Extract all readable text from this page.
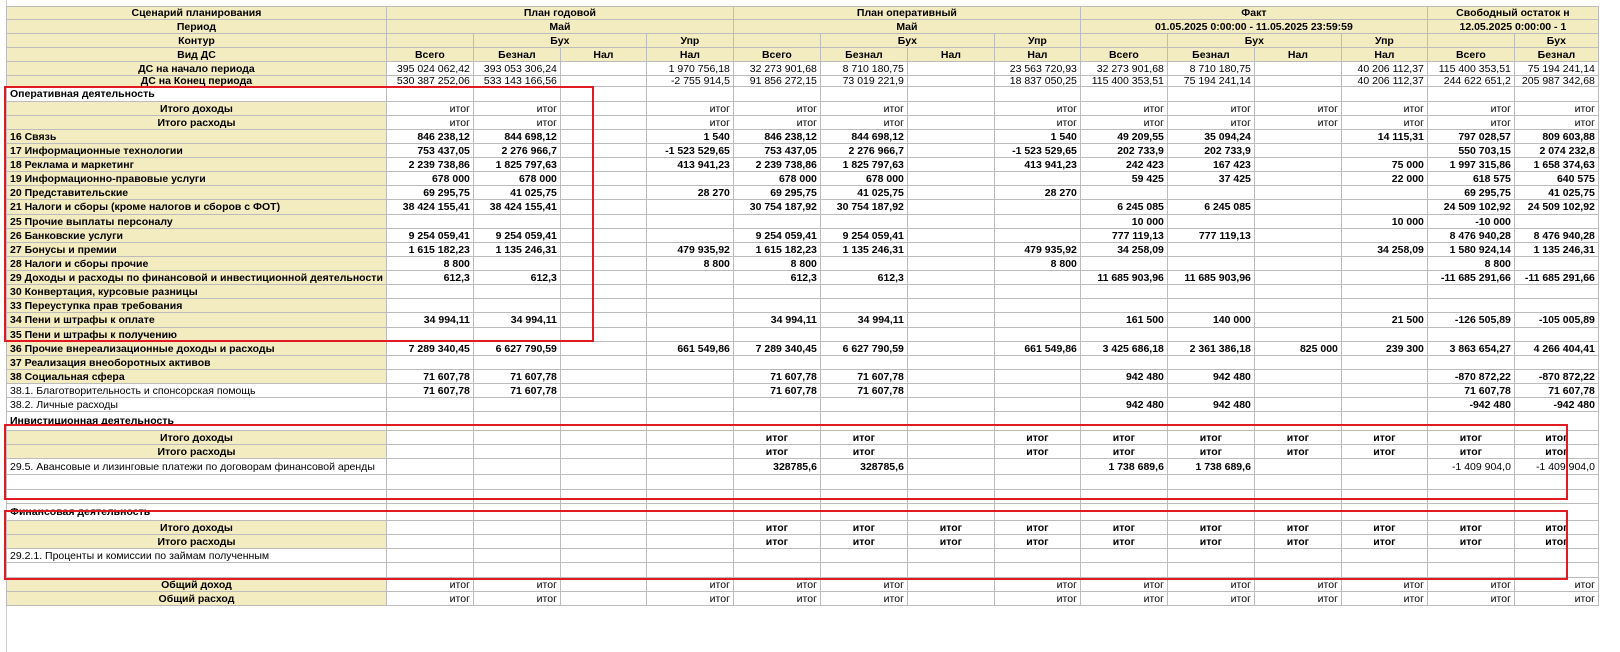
Сценарий планирования	План годовой				План оперативный				Факт				Свободный остаток н	
Период	Май				Май				01.05.2025 0:00:00 - 11.05.2025 23:59:59				12.05.2025 0:00:00 - 1	
Контур		Бух		Упр		Бух		Упр		Бух		Упр		Бух
Вид ДС	Всего	Безнал	Нал	Нал	Всего	Безнал	Нал	Нал	Всего	Безнал	Нал	Нал	Всего	Безнал
ДС на начало периода	395 024 062,42	393 053 306,24		1 970 756,18	32 273 901,68	8 710 180,75		23 563 720,93	32 273 901,68	8 710 180,75		40 206 112,37	115 400 353,51	75 194 241,14
ДС на Конец периода	530 387 252,06	533 143 166,56		-2 755 914,5	91 856 272,15	73 019 221,9		18 837 050,25	115 400 353,51	75 194 241,14		40 206 112,37	244 622 651,2	205 987 342,68
Оперативная деятельность														
Итого доходы	итог	итог		итог	итог	итог		итог	итог	итог	итог	итог	итог	итог
Итого расходы	итог	итог		итог	итог	итог		итог	итог	итог	итог	итог	итог	итог
16 Связь	846 238,12	844 698,12		1 540	846 238,12	844 698,12		1 540	49 209,55	35 094,24		14 115,31	797 028,57	809 603,88
17 Информационные технологии	753 437,05	2 276 966,7		-1 523 529,65	753 437,05	2 276 966,7		-1 523 529,65	202 733,9	202 733,9			550 703,15	2 074 232,8
18 Реклама и маркетинг	2 239 738,86	1 825 797,63		413 941,23	2 239 738,86	1 825 797,63		413 941,23	242 423	167 423		75 000	1 997 315,86	1 658 374,63
19 Информационно-правовые услуги	678 000	678 000			678 000	678 000			59 425	37 425		22 000	618 575	640 575
20 Представительские	69 295,75	41 025,75		28 270	69 295,75	41 025,75		28 270					69 295,75	41 025,75
21 Налоги и сборы (кроме налогов и сборов с ФОТ)	38 424 155,41	38 424 155,41			30 754 187,92	30 754 187,92			6 245 085	6 245 085			24 509 102,92	24 509 102,92
25 Прочие выплаты персоналу									10 000			10 000	-10 000	
26 Банковские услуги	9 254 059,41	9 254 059,41			9 254 059,41	9 254 059,41			777 119,13	777 119,13			8 476 940,28	8 476 940,28
27 Бонусы и премии	1 615 182,23	1 135 246,31		479 935,92	1 615 182,23	1 135 246,31		479 935,92	34 258,09			34 258,09	1 580 924,14	1 135 246,31
28 Налоги и сборы прочие	8 800			8 800	8 800			8 800					8 800	
29 Доходы и расходы по финансовой и инвестиционной деятельности	612,3	612,3			612,3	612,3			11 685 903,96	11 685 903,96			-11 685 291,66	-11 685 291,66
30 Конвертация, курсовые разницы														
33 Переуступка прав требования														
34 Пени и штрафы к оплате	34 994,11	34 994,11			34 994,11	34 994,11			161 500	140 000		21 500	-126 505,89	-105 005,89
35 Пени и штрафы к получению														
36 Прочие внереализационные доходы и расходы	7 289 340,45	6 627 790,59		661 549,86	7 289 340,45	6 627 790,59		661 549,86	3 425 686,18	2 361 386,18	825 000	239 300	3 863 654,27	4 266 404,41
37 Реализация внеоборотных активов														
38 Социальная сфера	71 607,78	71 607,78			71 607,78	71 607,78			942 480	942 480			-870 872,22	-870 872,22
38.1. Благотворительность и спонсорская помощь	71 607,78	71 607,78			71 607,78	71 607,78							71 607,78	71 607,78
38.2. Личные расходы									942 480	942 480			-942 480	-942 480
Инвистиционная деятельность														
Итого доходы					итог	итог		итог	итог	итог	итог	итог	итог	итог
Итого расходы					итог	итог		итог	итог	итог	итог	итог	итог	итог
29.5. Авансовые и лизинговые платежи по договорам финансовой аренды					328785,6	328785,6			1 738 689,6	1 738 689,6			-1 409 904,0	-1 409 904,0

Финансовая деятельность														
Итого доходы					итог	итог	итог	итог	итог	итог	итог	итог	итог	итог
Итого расходы					итог	итог	итог	итог	итог	итог	итог	итог	итог	итог
29.2.1. Проценты и комиссии по займам полученным														

Общий доход	итог	итог		итог	итог	итог		итог	итог	итог	итог	итог	итог	итог
Общий расход	итог	итог		итог	итог	итог		итог	итог	итог	итог	итог	итог	итог
